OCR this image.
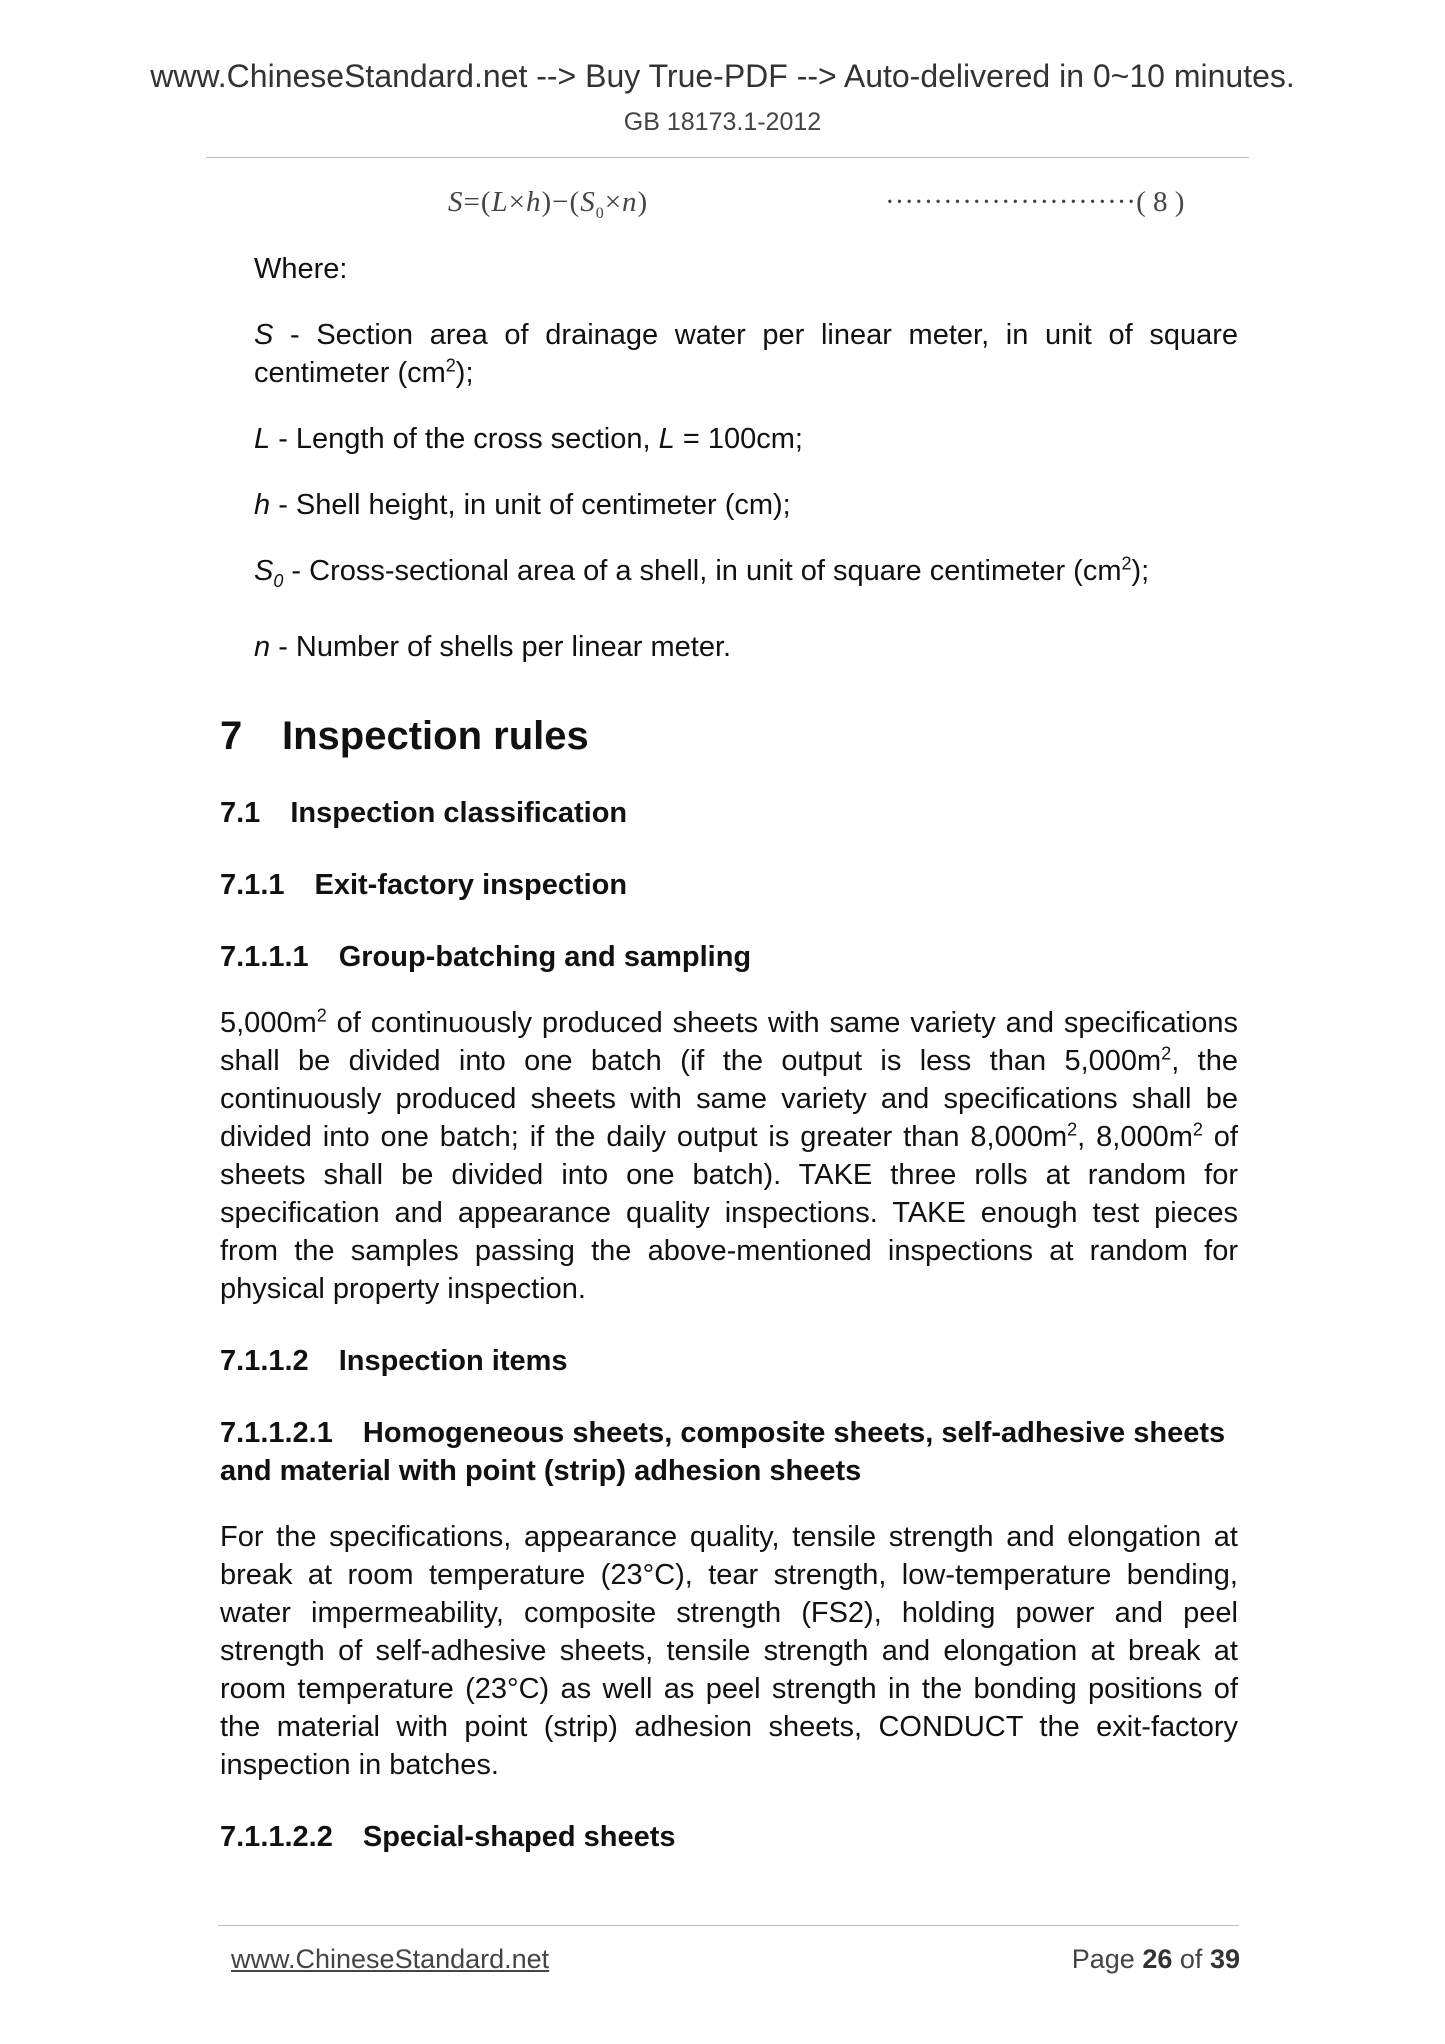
www.ChineseStandard.net --> Buy True-PDF --> Auto-delivered in 0~10 minutes.
GB 18173.1-2012
$S=(L\times h)-(S_0\times n)$	··························( 8 )

Where:

S - Section area of drainage water per linear meter, in unit of square centimeter $(cm^2)$;

L - Length of the cross section, L = 100cm;

h - Shell height, in unit of centimeter (cm);

$S_0$ - Cross-sectional area of a shell, in unit of square centimeter $(cm^2)$;

n - Number of shells per linear meter.

7 Inspection rules
7.1 Inspection classification
7.1.1 Exit-factory inspection
7.1.1.1 Group-batching and sampling

$5,000m^2$ of continuously produced sheets with same variety and specifications shall be divided into one batch (if the output is less than $5,000m^2$, the continuously produced sheets with same variety and specifications shall be divided into one batch; if the daily output is greater than $8,000m^2$, $8,000m^2$ of sheets shall be divided into one batch). TAKE three rolls at random for specification and appearance quality inspections. TAKE enough test pieces from the samples passing the above-mentioned inspections at random for physical property inspection.

7.1.1.2 Inspection items
7.1.1.2.1 Homogeneous sheets, composite sheets, self-adhesive sheets and material with point (strip) adhesion sheets

For the specifications, appearance quality, tensile strength and elongation at break at room temperature (23°C), tear strength, low-temperature bending, water impermeability, composite strength (FS2), holding power and peel strength of self-adhesive sheets, tensile strength and elongation at break at room temperature (23°C) as well as peel strength in the bonding positions of the material with point (strip) adhesion sheets, CONDUCT the exit-factory inspection in batches.

7.1.1.2.2 Special-shaped sheets
www.ChineseStandard.net	Page 26 of 39
